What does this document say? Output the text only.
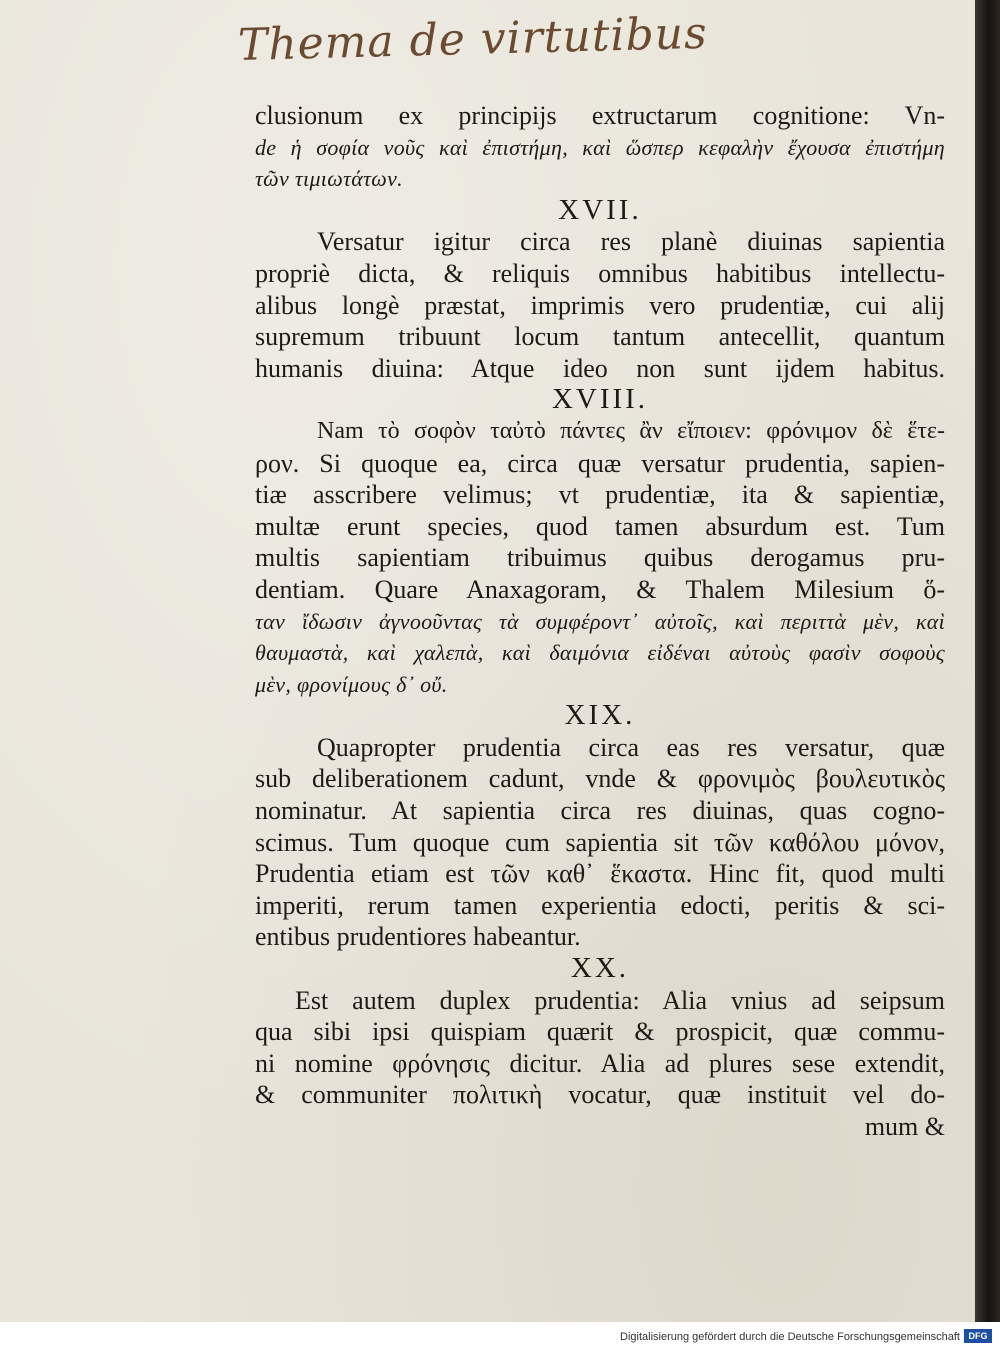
Thema de virtutibus
clusionum ex principijs extructarum cognitione: Vn-
de ἡ σοφία νοῦς καὶ ἐπιστήμη, καὶ ὥσπερ κεφαλὴν ἔχουσα ἐπιστήμη
τῶν τιμιωτάτων.
XVII.
Versatur igitur circa res planè diuinas sapientia
propriè dicta, & reliquis omnibus habitibus intellectu-
alibus longè præstat, imprimis vero prudentiæ, cui alij
supremum tribuunt locum tantum antecellit, quantum
humanis diuina: Atque ideo non sunt ijdem habitus.
XVIII.
Nam τὸ σοφὸν ταὐτὸ πάντες ἂν εἴποιεν: φρόνιμον δὲ ἕτε-
ρον. Si quoque ea, circa quæ versatur prudentia, sapien-
tiæ asscribere velimus; vt prudentiæ, ita & sapientiæ,
multæ erunt species, quod tamen absurdum est. Tum
multis sapientiam tribuimus quibus derogamus pru-
dentiam. Quare Anaxagoram, & Thalem Milesium ὅ-
ταν ἴδωσιν ἀγνοοῦντας τὰ συμφέροντ᾽ αὐτοῖς, καὶ περιττὰ μὲν, καὶ
θαυμαστὰ, καὶ χαλεπὰ, καὶ δαιμόνια εἰδέναι αὐτοὺς φασὶν σοφοὺς
μὲν, φρονίμους δ᾽ οὔ.
XIX.
Quapropter prudentia circa eas res versatur, quæ
sub deliberationem cadunt, vnde & φρονιμὸς βουλευτικὸς
nominatur. At sapientia circa res diuinas, quas cogno-
scimus. Tum quoque cum sapientia sit τῶν καθόλου μόνον,
Prudentia etiam est τῶν καθ᾽ ἕκαστα. Hinc fit, quod multi
imperiti, rerum tamen experientia edocti, peritis & sci-
entibus prudentiores habeantur.
XX.
Est autem duplex prudentia: Alia vnius ad seipsum
qua sibi ipsi quispiam quærit & prospicit, quæ commu-
ni nomine φρόνησις dicitur. Alia ad plures sese extendit,
& communiter πολιτικὴ vocatur, quæ instituit vel do-
mum &
Digitalisierung gefördert durch die Deutsche Forschungsgemeinschaft DFG
